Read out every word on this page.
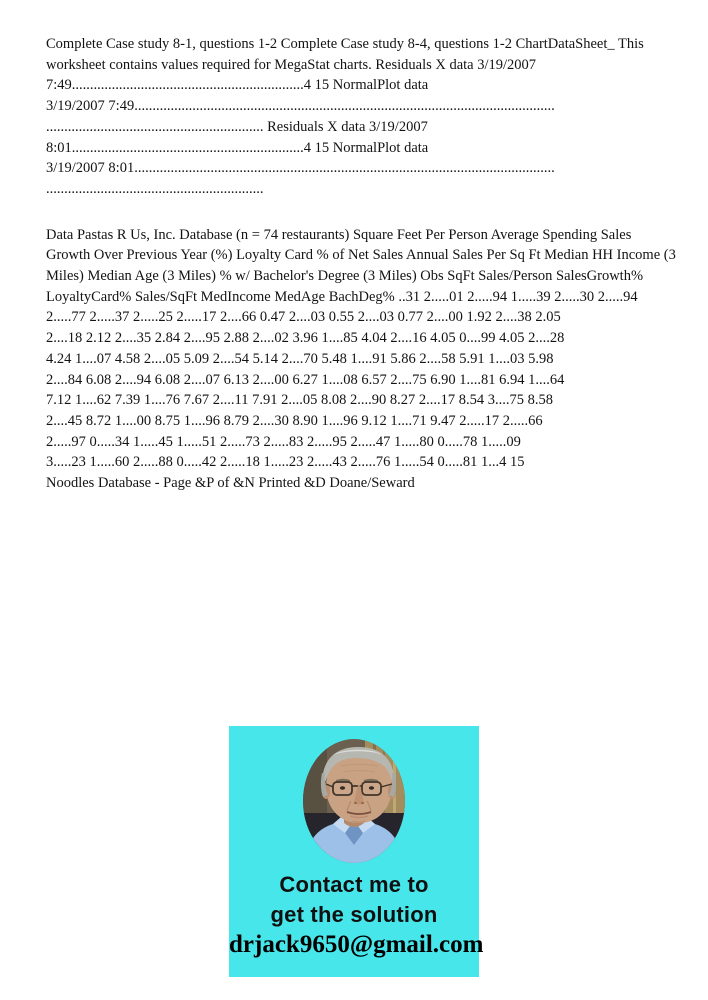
Complete Case study 8-1, questions 1-2 Complete Case study 8-4, questions 1-2 ChartDataSheet_ This
worksheet contains values required for MegaStat charts. Residuals X data 3/19/2007
7:49................................................................4 15 NormalPlot data
3/19/2007 7:49....................................................................................................................
............................................................ Residuals X data 3/19/2007
8:01................................................................4 15 NormalPlot data
3/19/2007 8:01....................................................................................................................
............................................................
Data Pastas R Us, Inc. Database (n = 74 restaurants) Square Feet Per Person Average Spending Sales
Growth Over Previous Year (%) Loyalty Card % of Net Sales Annual Sales Per Sq Ft Median HH Income (3
Miles) Median Age (3 Miles) % w/ Bachelor's Degree (3 Miles) Obs SqFt Sales/Person SalesGrowth%
LoyaltyCard% Sales/SqFt MedIncome MedAge BachDeg% ..31 2.....01 2.....94 1.....39 2.....30 2.....94
2.....77 2.....37 2.....25 2.....17 2....66 0.47 2....03 0.55 2....03 0.77 2....00 1.92 2....38 2.05
2....18 2.12 2....35 2.84 2....95 2.88 2....02 3.96 1....85 4.04 2....16 4.05 0....99 4.05 2....28
4.24 1....07 4.58 2....05 5.09 2....54 5.14 2....70 5.48 1....91 5.86 2....58 5.91 1....03 5.98
2....84 6.08 2....94 6.08 2....07 6.13 2....00 6.27 1....08 6.57 2....75 6.90 1....81 6.94 1....64
7.12 1....62 7.39 1....76 7.67 2....11 7.91 2....05 8.08 2....90 8.27 2....17 8.54 3....75 8.58
2....45 8.72 1....00 8.75 1....96 8.79 2....30 8.90 1....96 9.12 1....71 9.47 2.....17 2.....66
2.....97 0.....34 1.....45 1.....51 2.....73 2.....83 2.....95 2.....47 1.....80 0.....78 1.....09
3.....23 1.....60 2.....88 0.....42 2.....18 1.....23 2.....43 2.....76 1.....54 0.....81 1...4 15
Noodles Database - Page &P of &N Printed &D Doane/Seward
Contact me to
get the solution
drjack9650@gmail.com
